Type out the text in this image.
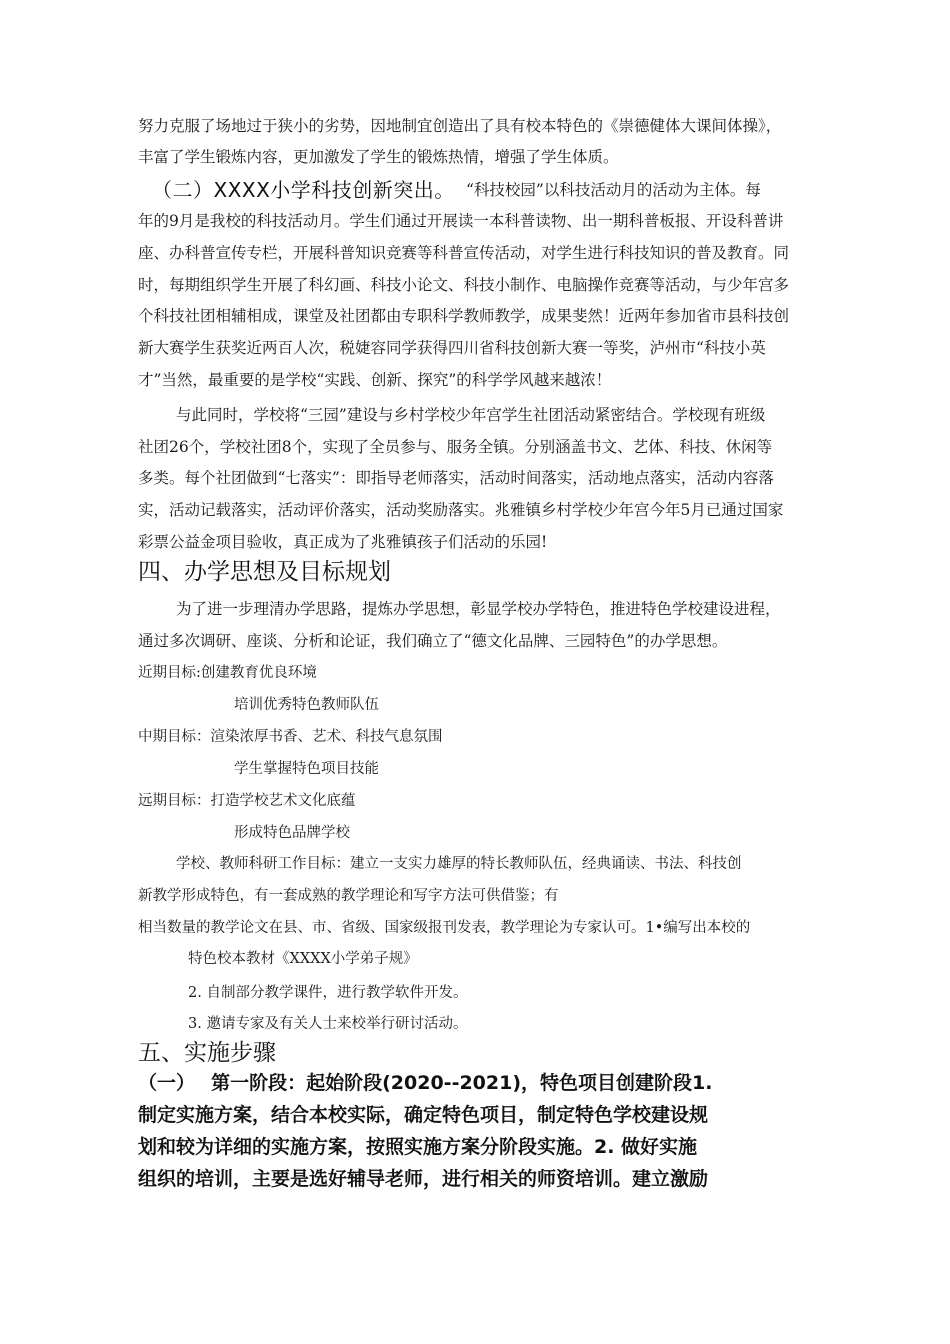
努力克服了场地过于狭小的劣势，因地制宜创造出了具有校本特色的《崇德健体大课间体操》，
丰富了学生锻炼内容，更加激发了学生的锻炼热情，增强了学生体质。
（二）XXXX小学科技创新突出。 “科技校园”以科技活动月的活动为主体。每
年的9月是我校的科技活动月。学生们通过开展读一本科普读物、出一期科普板报、开设科普讲
座、办科普宣传专栏，开展科普知识竞赛等科普宣传活动，对学生进行科技知识的普及教育。同
时，每期组织学生开展了科幻画、科技小论文、科技小制作、电脑操作竞赛等活动，与少年宫多
个科技社团相辅相成，课堂及社团都由专职科学教师教学，成果斐然！近两年参加省市县科技创
新大赛学生获奖近两百人次，税婕容同学获得四川省科技创新大赛一等奖，泸州市“科技小英
才”当然，最重要的是学校“实践、创新、探究”的科学学风越来越浓！
与此同时，学校将“三园”建设与乡村学校少年宫学生社团活动紧密结合。学校现有班级
社团26个，学校社团8个，实现了全员参与、服务全镇。分别涵盖书文、艺体、科技、休闲等
多类。每个社团做到“七落实”：即指导老师落实，活动时间落实，活动地点落实，活动内容落
实，活动记载落实，活动评价落实，活动奖励落实。兆雅镇乡村学校少年宫今年5月已通过国家
彩票公益金项目验收，真正成为了兆雅镇孩子们活动的乐园!
四、办学思想及目标规划
为了进一步理清办学思路，提炼办学思想，彰显学校办学特色，推进特色学校建设进程，
通过多次调研、座谈、分析和论证，我们确立了“德文化品牌、三园特色”的办学思想。
近期目标:创建教育优良环境
培训优秀特色教师队伍
中期目标：渲染浓厚书香、艺术、科技气息氛围
学生掌握特色项目技能
远期目标：打造学校艺术文化底蕴
形成特色品牌学校
学校、教师科研工作目标：建立一支实力雄厚的特长教师队伍，经典诵读、书法、科技创
新教学形成特色，有一套成熟的教学理论和写字方法可供借鉴；有
相当数量的教学论文在县、市、省级、国家级报刊发表，教学理论为专家认可。1•编写出本校的
特色校本教材《XXXX小学弟子规》
2. 自制部分教学课件，进行教学软件开发。
3. 邀请专家及有关人士来校举行研讨活动。
五、实施步骤
（一）　 第一阶段：起始阶段(2020--2021)，特色项目创建阶段1.
制定实施方案，结合本校实际，确定特色项目，制定特色学校建设规
划和较为详细的实施方案，按照实施方案分阶段实施。2. 做好实施
组织的培训，主要是选好辅导老师，进行相关的师资培训。建立激励
